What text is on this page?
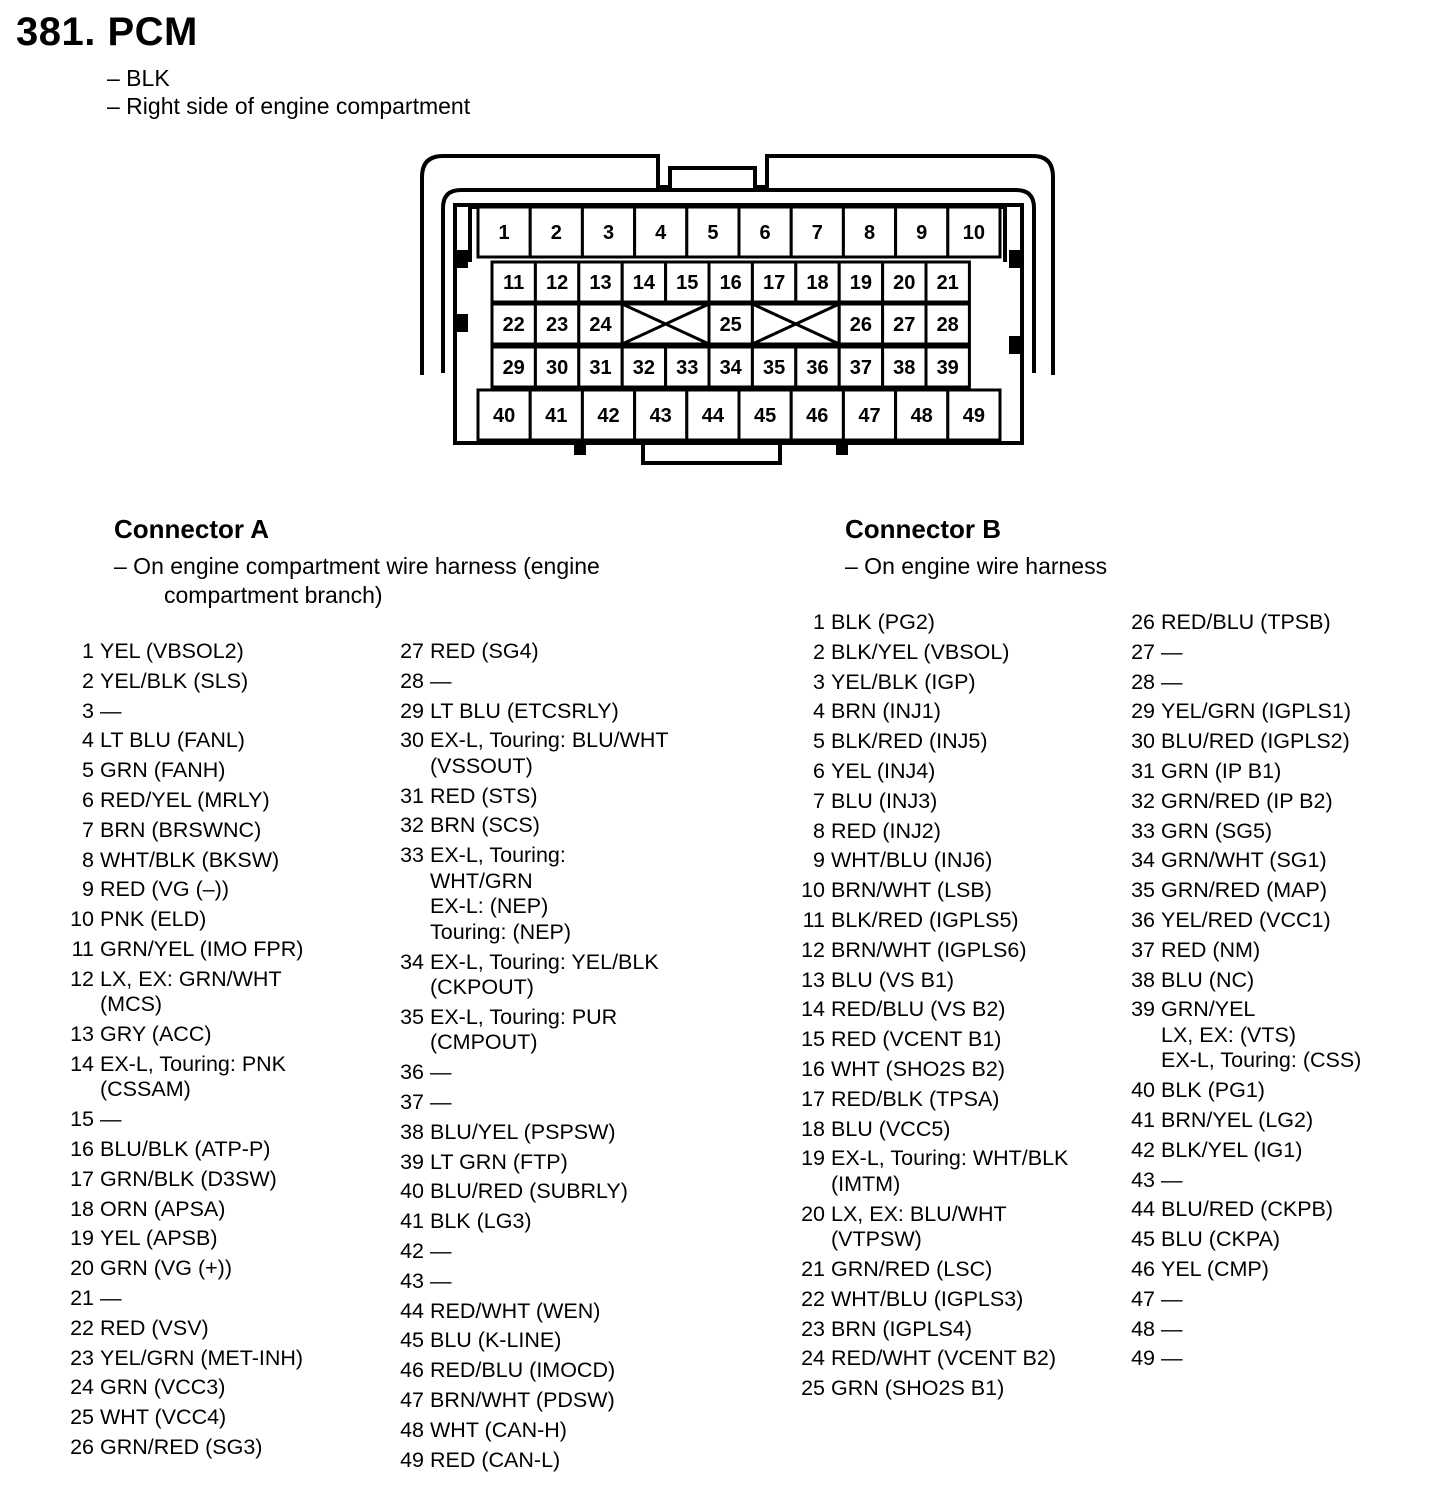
381. PCM
– BLK
– Right side of engine compartment
1 2 3 4 5 6 7 8 9 10
11 12 13 14 15 16 17 18 19 20 21
22 23 24	25	26 27 28
29 30 31 32 33 34 35 36 37 38 39
40 41 42 43 44 45 46 47 48 49
Connector A
– On engine compartment wire harness (engine
compartment branch)
Connector B
– On engine wire harness
1 YEL (VBSOL2)
2 YEL/BLK (SLS)
3 —
4 LT BLU (FANL)
5 GRN (FANH)
6 RED/YEL (MRLY)
7 BRN (BRSWNC)
8 WHT/BLK (BKSW)
9 RED (VG (–))
10 PNK (ELD)
11 GRN/YEL (IMO FPR)
12 LX, EX: GRN/WHT
(MCS)
13 GRY (ACC)
14 EX-L, Touring: PNK
(CSSAM)
15 —
16 BLU/BLK (ATP-P)
17 GRN/BLK (D3SW)
18 ORN (APSA)
19 YEL (APSB)
20 GRN (VG (+))
21 —
22 RED (VSV)
23 YEL/GRN (MET-INH)
24 GRN (VCC3)
25 WHT (VCC4)
26 GRN/RED (SG3)
27 RED (SG4)
28 —
29 LT BLU (ETCSRLY)
30 EX-L, Touring: BLU/WHT
(VSSOUT)
31 RED (STS)
32 BRN (SCS)
33 EX-L, Touring:
WHT/GRN
EX-L: (NEP)
Touring: (NEP)
34 EX-L, Touring: YEL/BLK
(CKPOUT)
35 EX-L, Touring: PUR
(CMPOUT)
36 —
37 —
38 BLU/YEL (PSPSW)
39 LT GRN (FTP)
40 BLU/RED (SUBRLY)
41 BLK (LG3)
42 —
43 —
44 RED/WHT (WEN)
45 BLU (K-LINE)
46 RED/BLU (IMOCD)
47 BRN/WHT (PDSW)
48 WHT (CAN-H)
49 RED (CAN-L)
1 BLK (PG2)
2 BLK/YEL (VBSOL)
3 YEL/BLK (IGP)
4 BRN (INJ1)
5 BLK/RED (INJ5)
6 YEL (INJ4)
7 BLU (INJ3)
8 RED (INJ2)
9 WHT/BLU (INJ6)
10 BRN/WHT (LSB)
11 BLK/RED (IGPLS5)
12 BRN/WHT (IGPLS6)
13 BLU (VS B1)
14 RED/BLU (VS B2)
15 RED (VCENT B1)
16 WHT (SHO2S B2)
17 RED/BLK (TPSA)
18 BLU (VCC5)
19 EX-L, Touring: WHT/BLK
(IMTM)
20 LX, EX: BLU/WHT
(VTPSW)
21 GRN/RED (LSC)
22 WHT/BLU (IGPLS3)
23 BRN (IGPLS4)
24 RED/WHT (VCENT B2)
25 GRN (SHO2S B1)
26 RED/BLU (TPSB)
27 —
28 —
29 YEL/GRN (IGPLS1)
30 BLU/RED (IGPLS2)
31 GRN (IP B1)
32 GRN/RED (IP B2)
33 GRN (SG5)
34 GRN/WHT (SG1)
35 GRN/RED (MAP)
36 YEL/RED (VCC1)
37 RED (NM)
38 BLU (NC)
39 GRN/YEL
LX, EX: (VTS)
EX-L, Touring: (CSS)
40 BLK (PG1)
41 BRN/YEL (LG2)
42 BLK/YEL (IG1)
43 —
44 BLU/RED (CKPB)
45 BLU (CKPA)
46 YEL (CMP)
47 —
48 —
49 —
